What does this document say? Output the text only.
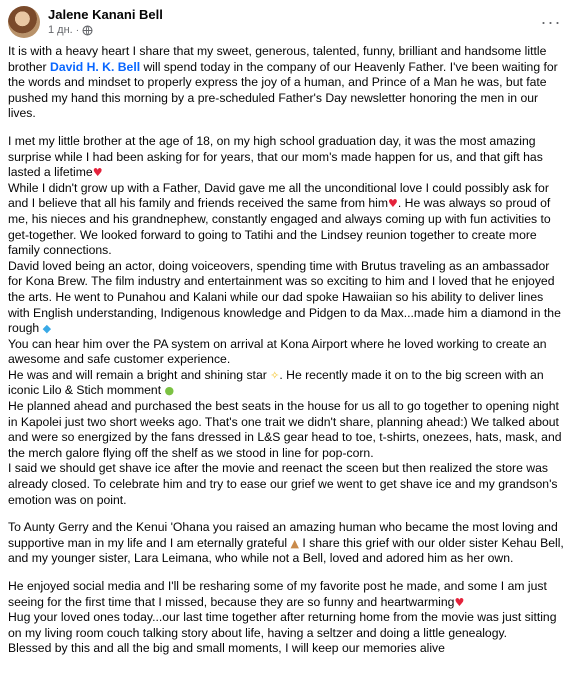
Jalene Kanani Bell
1 дн. ·	···

It is with a heavy heart I share that my sweet, generous, talented, funny, brilliant and handsome little brother David H. K. Bell will spend today in the company of our Heavenly Father. I've been waiting for the words and mindset to properly express the joy of a human, and Prince of a Man he was, but fate pushed my hand this morning by a pre-scheduled Father's Day newsletter honoring the men in our lives.

I met my little brother at the age of 18, on my high school graduation day, it was the most amazing surprise while I had been asking for for years, that our mom's made happen for us, and that gift has lasted a lifetime♥

While I didn't grow up with a Father, David gave me all the unconditional love I could possibly ask for and I believe that all his family and friends received the same from him♥. He was always so proud of me, his nieces and his grandnephew, constantly engaged and always coming up with fun activities to get-together. We looked forward to going to Tatihi and the Lindsey reunion together to create more family connections.

David loved being an actor, doing voiceovers, spending time with Brutus traveling as an ambassador for Kona Brew. The film industry and entertainment was so exciting to him and I loved that he enjoyed the arts. He went to Punahou and Kalani while our dad spoke Hawaiian so his ability to deliver lines with English understanding, Indigenous knowledge and Pidgen to da Max...made him a diamond in the rough ◆

You can hear him over the PA system on arrival at Kona Airport where he loved working to create an awesome and safe customer experience.

He was and will remain a bright and shining star ✧. He recently made it on to the big screen with an iconic Lilo & Stich momment ●

He planned ahead and purchased the best seats in the house for us all to go together to opening night in Kapolei just two short weeks ago. That's one trait we didn't share, planning ahead:) We talked about and were so energized by the fans dressed in L&S gear head to toe, t-shirts, onezees, hats, mask, and the merch galore flying off the shelf as we stood in line for pop-corn.

I said we should get shave ice after the movie and reenact the sceen but then realized the store was already closed. To celebrate him and try to ease our grief we went to get shave ice and my grandson's emotion was on point.

To Aunty Gerry and the Kenui 'Ohana you raised an amazing human who became the most loving and supportive man in my life and I am eternally grateful ▲ I share this grief with our older sister Kehau Bell, and my younger sister, Lara Leimana, who while not a Bell, loved and adored him as her own.

He enjoyed social media and I'll be resharing some of my favorite post he made, and some I am just seeing for the first time that I missed, because they are so funny and heartwarming♥

Hug your loved ones today...our last time together after returning home from the movie was just sitting on my living room couch talking story about life, having a seltzer and doing a little genealogy.

Blessed by this and all the big and small moments, I will keep our memories alive
